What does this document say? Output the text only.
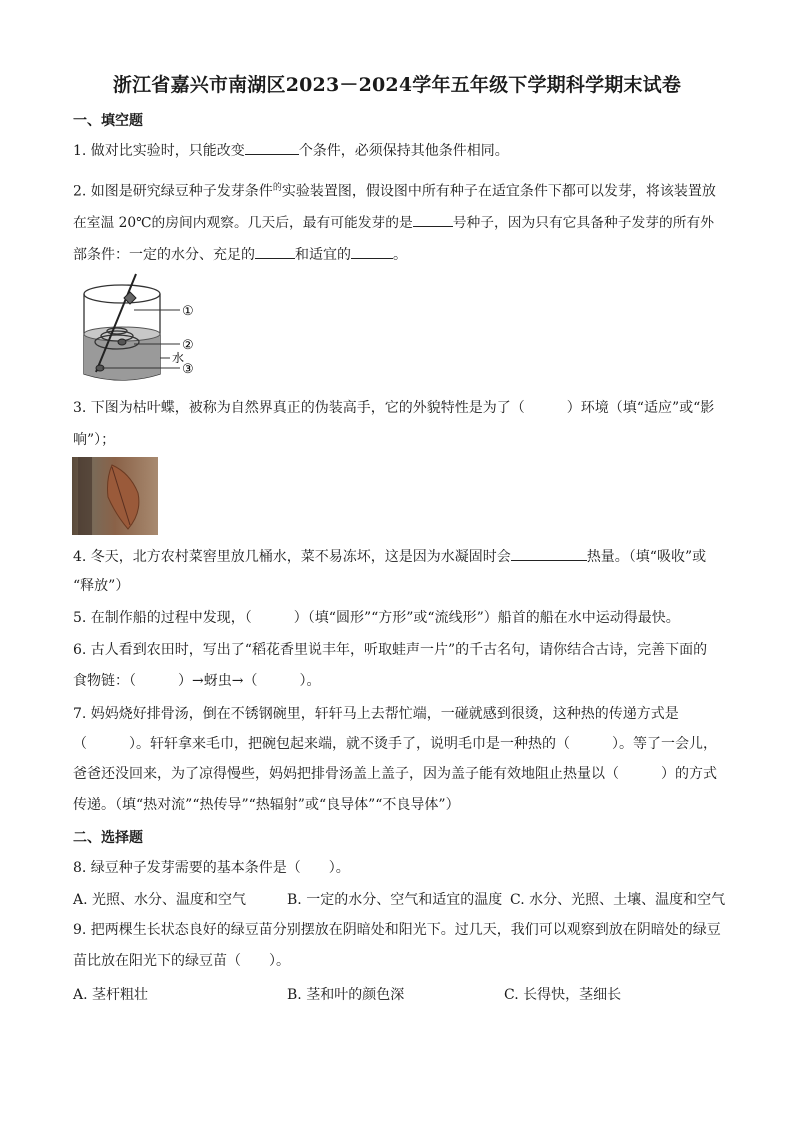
浙江省嘉兴市南湖区2023－2024学年五年级下学期科学期末试卷
一、填空题
1. 做对比实验时，只能改变	个条件，必须保持其他条件相同。
2. 如图是研究绿豆种子发芽条件$^的$实验装置图，假设图中所有种子在适宜条件下都可以发芽，将该装置放
在室温 20℃的房间内观察。几天后，最有可能发芽的是	号种子，因为只有它具备种子发芽的所有外
部条件：一定的水分、充足的	和适宜的	。
①
②
水
③
3. 下图为枯叶蝶，被称为自然界真正的伪装高手，它的外貌特性是为了（　　　）环境（填“适应”或“影
响”）；
4. 冬天，北方农村菜窖里放几桶水，菜不易冻坏，这是因为水凝固时会	热量。（填“吸收”或
“释放”）
5. 在制作船的过程中发现，（　　　）（填“圆形”“方形”或“流线形”）船首的船在水中运动得最快。
6. 古人看到农田时，写出了“稻花香里说丰年，听取蛙声一片”的千古名句，请你结合古诗，完善下面的
食物链：（　　　）→蚜虫→（　　　）。
7. 妈妈烧好排骨汤，倒在不锈钢碗里，轩轩马上去帮忙端，一碰就感到很烫，这种热的传递方式是
（　　　）。轩轩拿来毛巾，把碗包起来端，就不烫手了，说明毛巾是一种热的（　　　）。等了一会儿，
爸爸还没回来，为了凉得慢些，妈妈把排骨汤盖上盖子，因为盖子能有效地阻止热量以（　　　）的方式
传递。（填“热对流”“热传导”“热辐射”或“良导体”“不良导体”）
二、选择题
8. 绿豆种子发芽需要的基本条件是（　　）。
A. 光照、水分、温度和空气	B. 一定的水分、空气和适宜的温度 C. 水分、光照、土壤、温度和空气
9. 把两棵生长状态良好的绿豆苗分别摆放在阴暗处和阳光下。过几天，我们可以观察到放在阴暗处的绿豆
苗比放在阳光下的绿豆苗（　　）。
A. 茎杆粗壮	B. 茎和叶的颜色深	C. 长得快，茎细长
